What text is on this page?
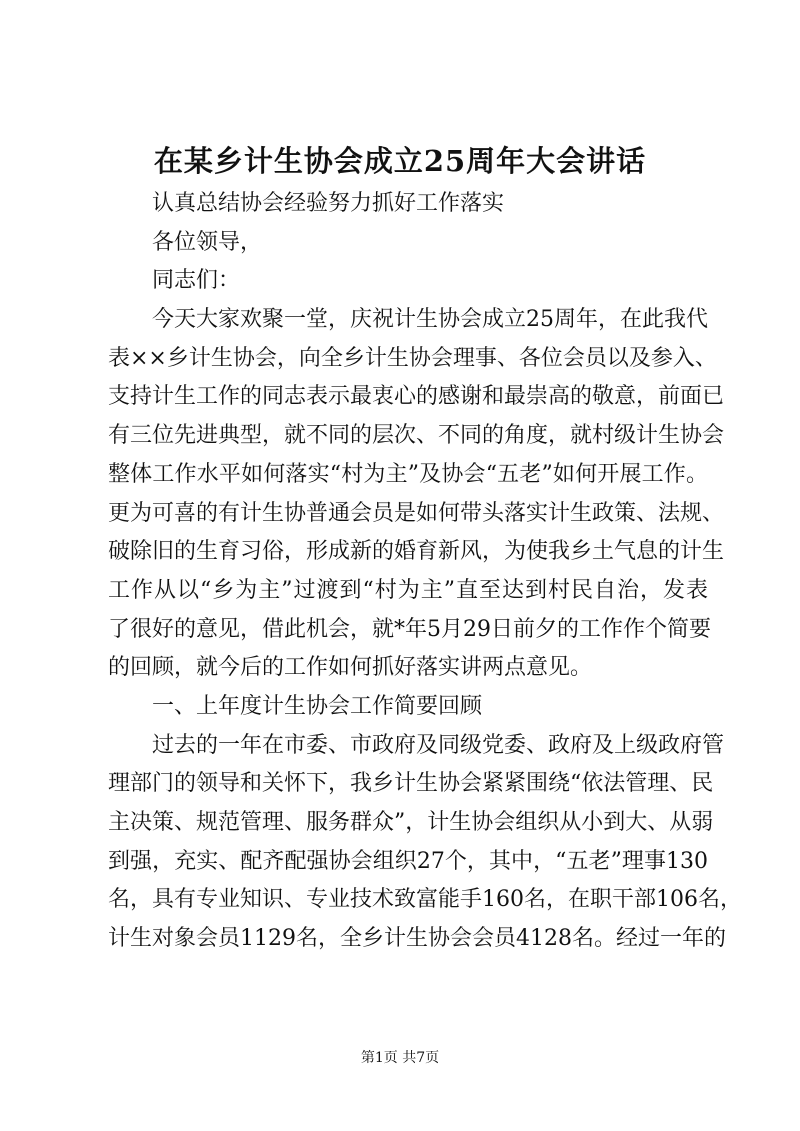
在某乡计生协会成立25周年大会讲话

认真总结协会经验努力抓好工作落实

各位领导，

同志们：

今天大家欢聚一堂，庆祝计生协会成立25周年，在此我代
表××乡计生协会，向全乡计生协会理事、各位会员以及参入、
支持计生工作的同志表示最衷心的感谢和最崇高的敬意，前面已
有三位先进典型，就不同的层次、不同的角度，就村级计生协会
整体工作水平如何落实“村为主”及协会“五老”如何开展工作。
更为可喜的有计生协普通会员是如何带头落实计生政策、法规、
破除旧的生育习俗，形成新的婚育新风，为使我乡土气息的计生
工作从以“乡为主”过渡到“村为主”直至达到村民自治，发表
了很好的意见，借此机会，就*年5月29日前夕的工作作个简要
的回顾，就今后的工作如何抓好落实讲两点意见。

一、上年度计生协会工作简要回顾

过去的一年在市委、市政府及同级党委、政府及上级政府管
理部门的领导和关怀下，我乡计生协会紧紧围绕“依法管理、民
主决策、规范管理、服务群众”，计生协会组织从小到大、从弱
到强，充实、配齐配强协会组织27个，其中，“五老”理事130
名，具有专业知识、专业技术致富能手160名，在职干部106名，
计生对象会员1129名，全乡计生协会会员4128名。经过一年的
第1页 共7页
